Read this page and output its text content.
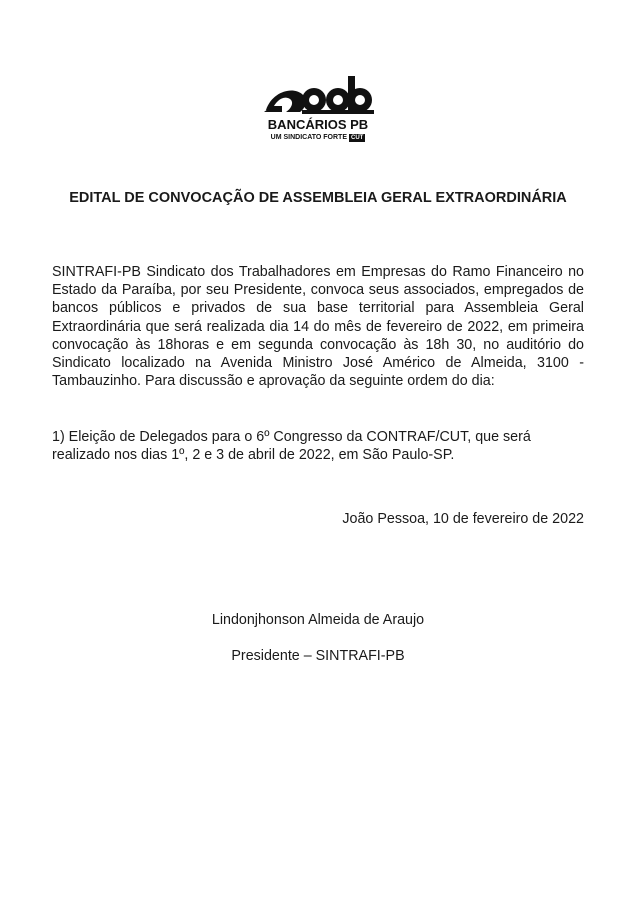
BANCÁRIOS PB
UM SINDICATO FORTE CUT
EDITAL DE CONVOCAÇÃO DE ASSEMBLEIA GERAL EXTRAORDINÁRIA
SINTRAFI-PB Sindicato dos Trabalhadores em Empresas do Ramo Financeiro no Estado da Paraíba, por seu Presidente, convoca seus associados, empregados de bancos públicos e privados de sua base territorial para Assembleia Geral Extraordinária que será realizada dia 14 do mês de fevereiro de 2022, em primeira convocação às 18horas e em segunda convocação às 18h 30, no auditório do Sindicato localizado na Avenida Ministro José Américo de Almeida, 3100 - Tambauzinho. Para discussão e aprovação da seguinte ordem do dia:
1) Eleição de Delegados para o 6º Congresso da CONTRAF/CUT, que será realizado nos dias 1º, 2 e 3 de abril de 2022, em São Paulo-SP.
João Pessoa, 10 de fevereiro de 2022
Lindonjhonson Almeida de Araujo
Presidente – SINTRAFI-PB
